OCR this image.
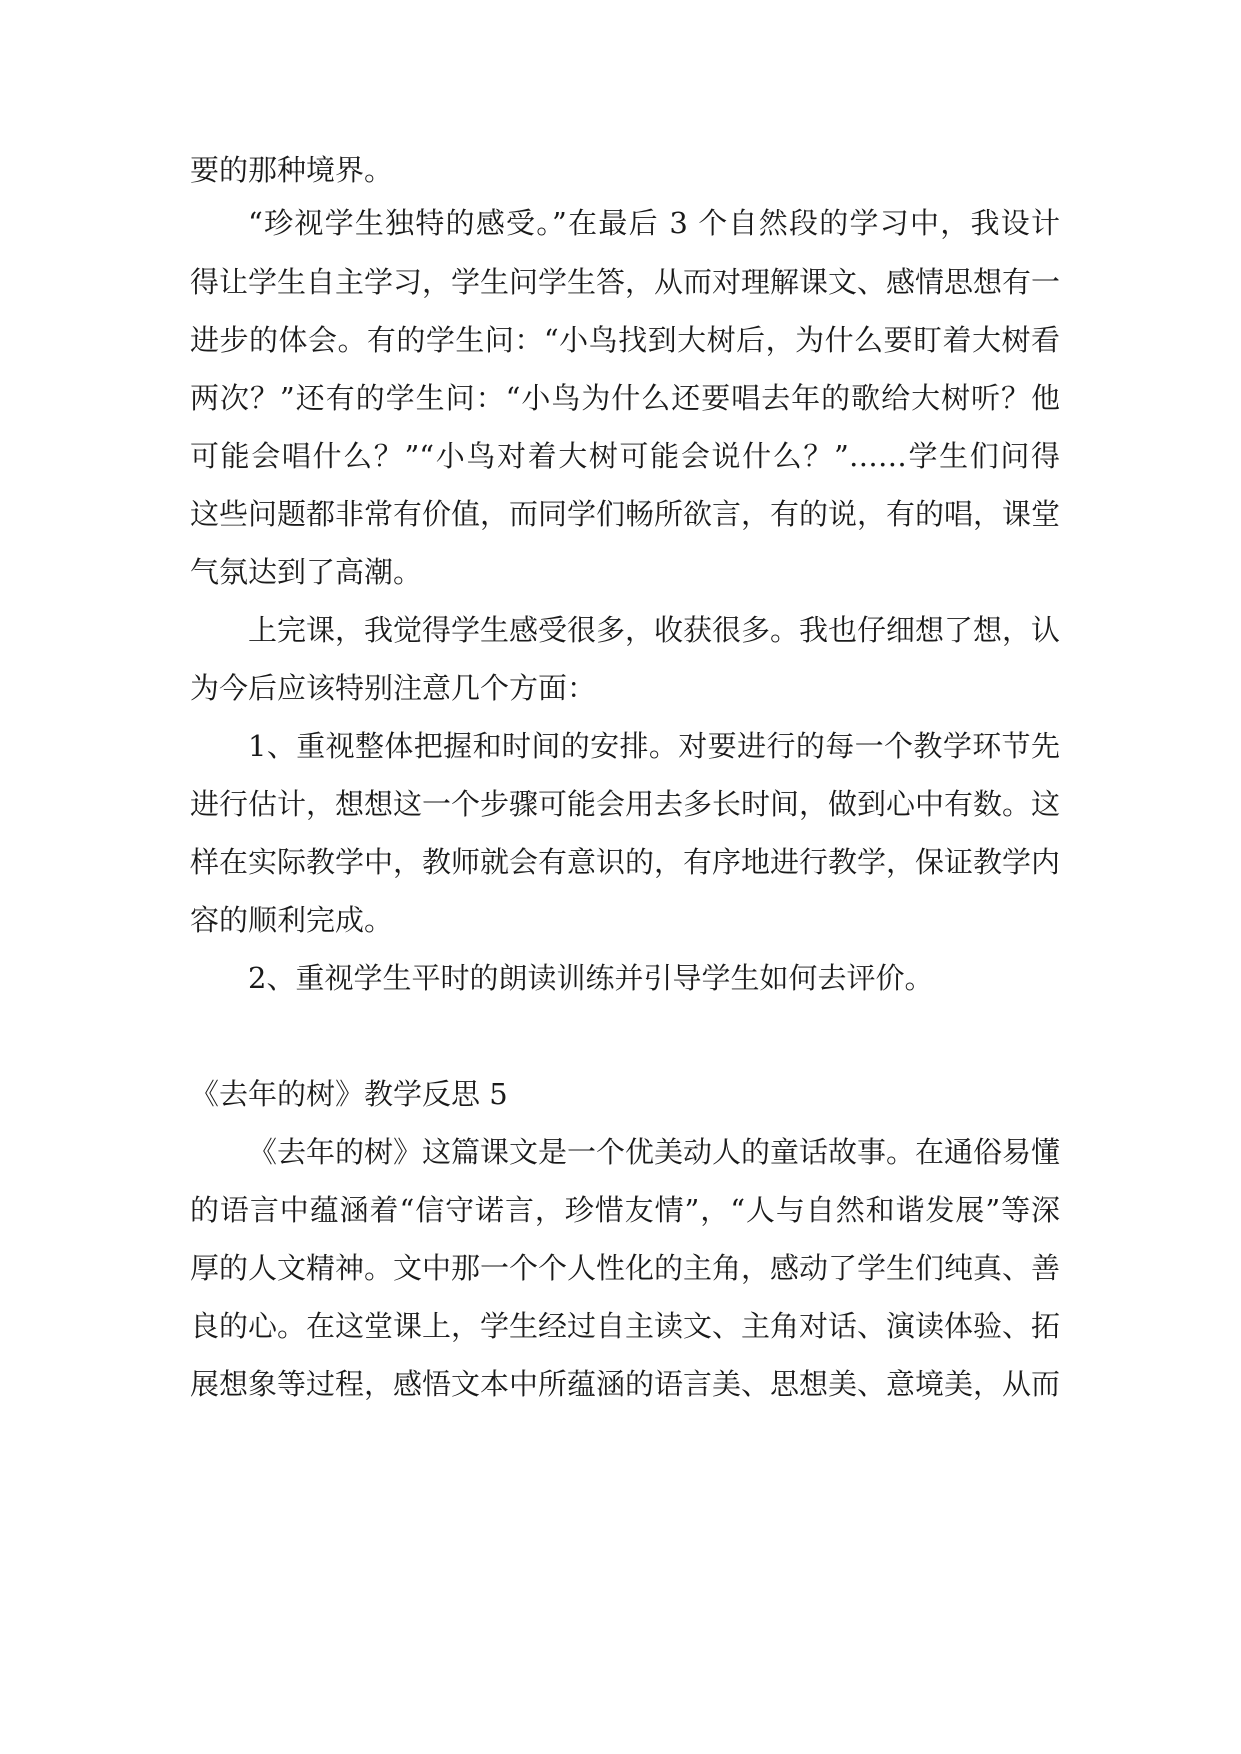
要的那种境界。
“珍视学生独特的感受。”在最后 3 个自然段的学习中，我设计
得让学生自主学习，学生问学生答，从而对理解课文、感情思想有一
进步的体会。有的学生问：“小鸟找到大树后，为什么要盯着大树看
两次？”还有的学生问：“小鸟为什么还要唱去年的歌给大树听？他
可能会唱什么？”“小鸟对着大树可能会说什么？”……学生们问得
这些问题都非常有价值，而同学们畅所欲言，有的说，有的唱，课堂
气氛达到了高潮。
上完课，我觉得学生感受很多，收获很多。我也仔细想了想，认
为今后应该特别注意几个方面：
1、重视整体把握和时间的安排。对要进行的每一个教学环节先
进行估计，想想这一个步骤可能会用去多长时间，做到心中有数。这
样在实际教学中，教师就会有意识的，有序地进行教学，保证教学内
容的顺利完成。
2、重视学生平时的朗读训练并引导学生如何去评价。
《去年的树》教学反思 5
《去年的树》这篇课文是一个优美动人的童话故事。在通俗易懂
的语言中蕴涵着“信守诺言，珍惜友情”，“人与自然和谐发展”等深
厚的人文精神。文中那一个个人性化的主角，感动了学生们纯真、善
良的心。在这堂课上，学生经过自主读文、主角对话、演读体验、拓
展想象等过程，感悟文本中所蕴涵的语言美、思想美、意境美，从而
